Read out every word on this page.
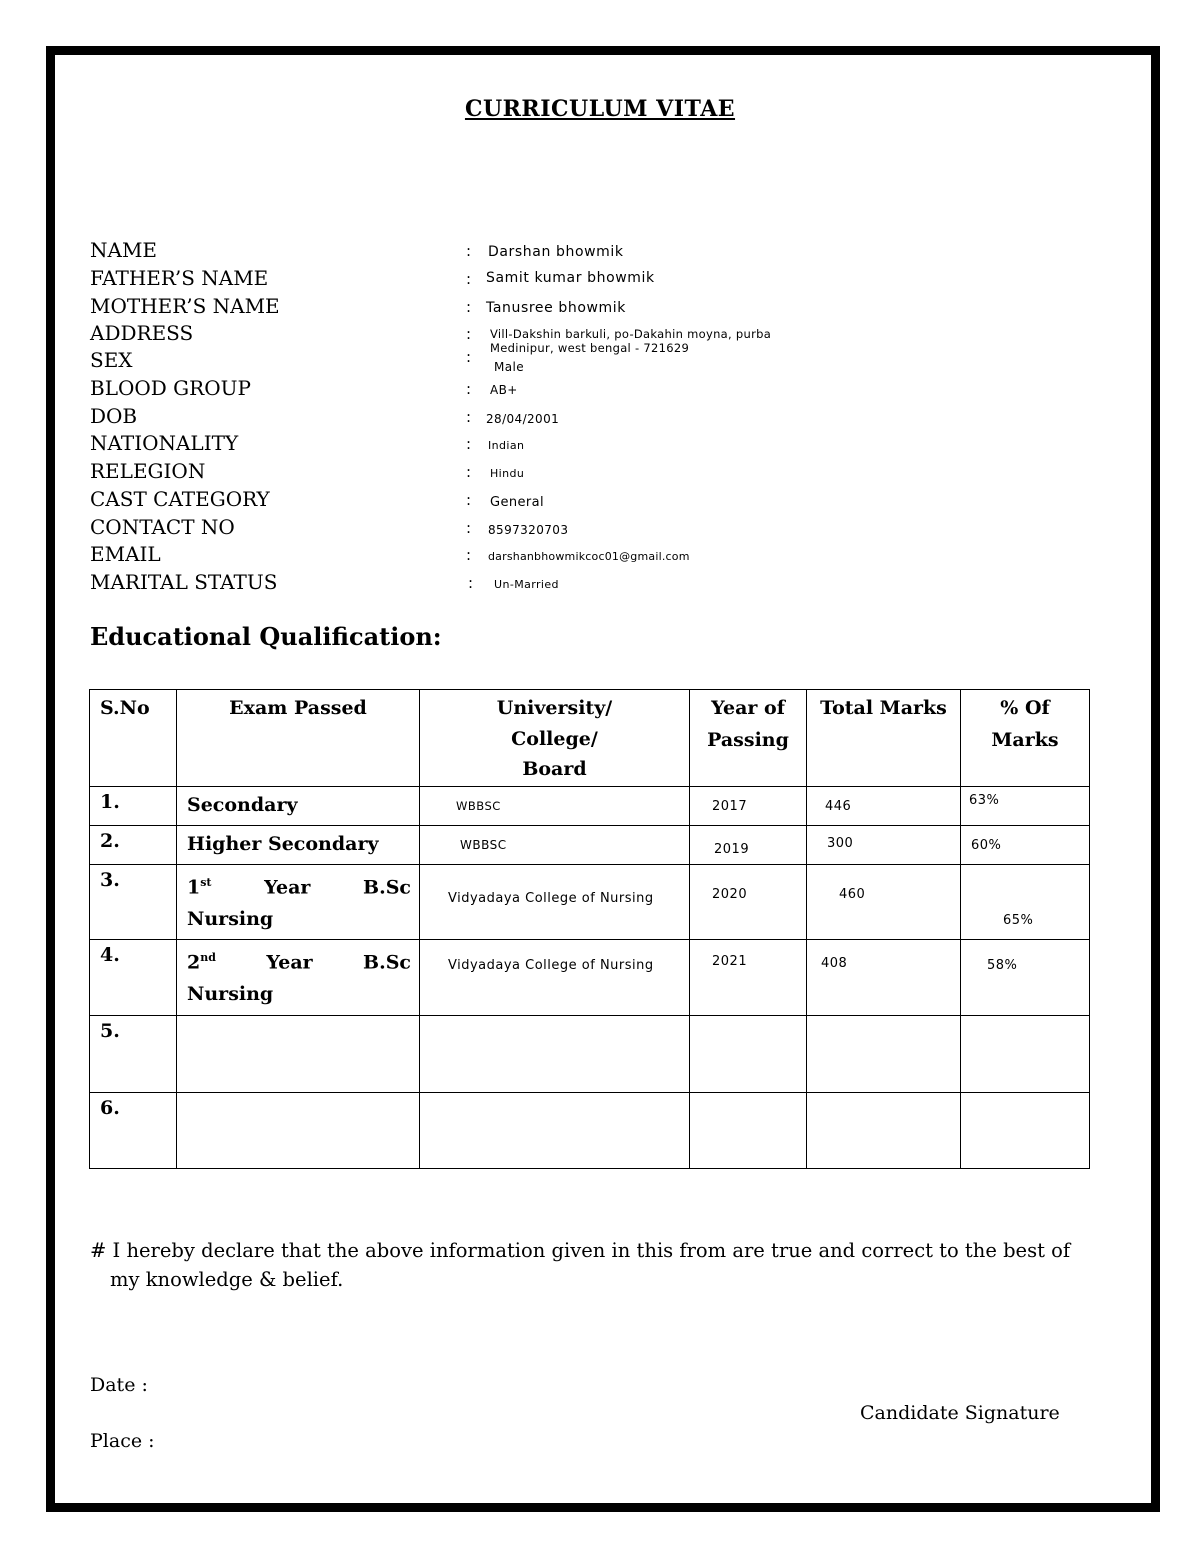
CURRICULUM VITAE
NAME	: Darshan bhowmik
FATHER’S NAME	: Samit kumar bhowmik
MOTHER’S NAME	: Tanusree bhowmik
ADDRESS	: Vill-Dakshin barkuli, po-Dakahin moyna, purba Medinipur, west bengal - 721629
SEX	:
Male
BLOOD GROUP	: AB+
DOB	: 28/04/2001
NATIONALITY	: Indian
RELEGION	: Hindu
CAST CATEGORY	: General
CONTACT NO	: 8597320703
EMAIL	: darshanbhowmikcoc01@gmail.com
MARITAL STATUS	: Un-Married
Educational Qualification:
S.No	Exam Passed	University/
College/
Board	Year of
Passing	Total Marks	% Of
Marks

1.	Secondary	WBBSC	2017	446	63%

2.	Higher Secondary	WBBSC	2019	300	60%

3.	1st Year B.Sc Nursing	Vidyadaya College of Nursing	2020	460	65%

4.	2nd Year B.Sc Nursing	Vidyadaya College of Nursing	2021	408	58%

5.					

6.					

# I hereby declare that the above information given in this from are true and correct to the best of
my knowledge & belief.
Date :
Place :
Candidate Signature
